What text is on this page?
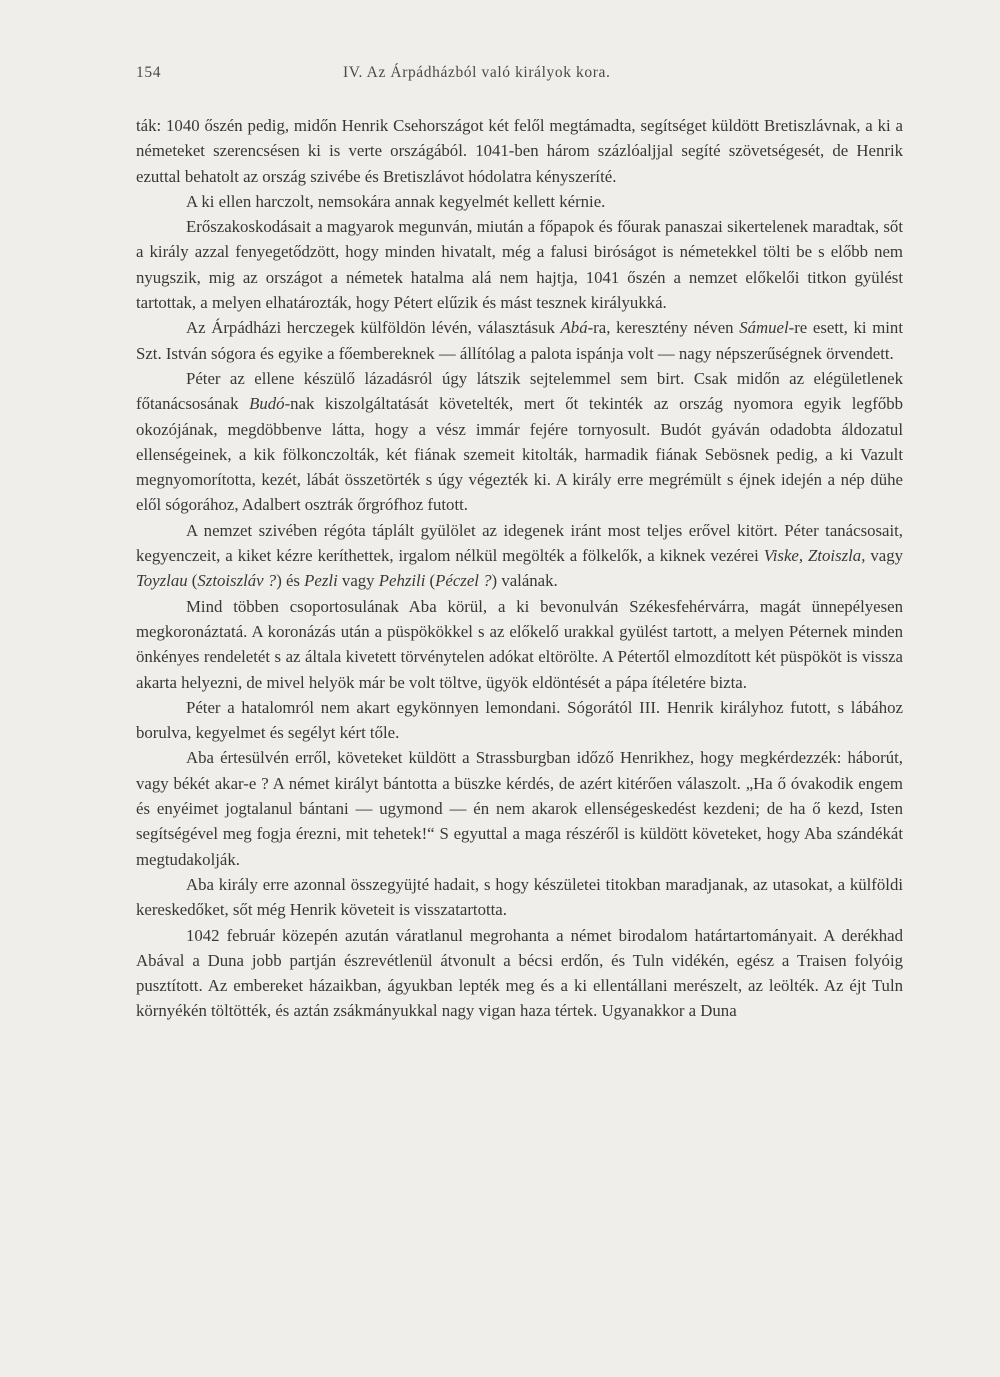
154	IV. Az Árpádházból való királyok kora.

ták: 1040 őszén pedig, midőn Henrik Csehországot két felől megtámadta, segítséget küldött Bretiszlávnak, a ki a németeket szerencsésen ki is verte országából. 1041-ben három százlóaljjal segíté szövetségesét, de Henrik ezuttal behatolt az ország szivébe és Bretiszlávot hódolatra kényszeríté.

A ki ellen harczolt, nemsokára annak kegyelmét kellett kérnie.

Erőszakoskodásait a magyarok megunván, miután a főpapok és főurak panaszai sikertelenek maradtak, sőt a király azzal fenyegetődzött, hogy minden hivatalt, még a falusi biróságot is németekkel tölti be s előbb nem nyugszik, mig az országot a németek hatalma alá nem hajtja, 1041 őszén a nemzet előkelői titkon gyülést tartottak, a melyen elhatározták, hogy Pétert elűzik és mást tesznek királyukká.

Az Árpádházi herczegek külföldön lévén, választásuk Abá-ra, keresztény néven Sámuel-re esett, ki mint Szt. István sógora és egyike a főembereknek — állítólag a palota ispánja volt — nagy népszerűségnek örvendett.

Péter az ellene készülő lázadásról úgy látszik sejtelemmel sem birt. Csak midőn az elégületlenek főtanácsosának Budó-nak kiszolgáltatását követelték, mert őt tekinték az ország nyomora egyik legfőbb okozójának, megdöbbenve látta, hogy a vész immár fejére tornyosult. Budót gyáván odadobta áldozatul ellenségeinek, a kik fölkonczolták, két fiának szemeit kitolták, harmadik fiának Sebösnek pedig, a ki Vazult megnyomorította, kezét, lábát összetörték s úgy végezték ki. A király erre megrémült s éjnek idején a nép dühe elől sógorához, Adalbert osztrák őrgrófhoz futott.

A nemzet szivében régóta táplált gyülölet az idegenek iránt most teljes erővel kitört. Péter tanácsosait, kegyenczeit, a kiket kézre keríthettek, irgalom nélkül megölték a fölkelők, a kiknek vezérei Viske, Ztoiszla, vagy Toyzlau (Sztoiszláv ?) és Pezli vagy Pehzili (Péczel ?) valának.

Mind többen csoportosulának Aba körül, a ki bevonulván Székesfehérvárra, magát ünnepélyesen megkoronáztatá. A koronázás után a püspökökkel s az előkelő urakkal gyülést tartott, a melyen Péternek minden önkényes rendeletét s az általa kivetett törvénytelen adókat eltörölte. A Pétertől elmozdított két püspököt is vissza akarta helyezni, de mivel helyök már be volt töltve, ügyök eldöntését a pápa ítéletére bizta.

Péter a hatalomról nem akart egykönnyen lemondani. Sógorától III. Henrik királyhoz futott, s lábához borulva, kegyelmet és segélyt kért tőle.

Aba értesülvén erről, követeket küldött a Strassburgban időző Henrikhez, hogy megkérdezzék: háborút, vagy békét akar-e ? A német királyt bántotta a büszke kérdés, de azért kitérően válaszolt. „Ha ő óvakodik engem és enyéimet jogtalanul bántani — ugymond — én nem akarok ellenségeskedést kezdeni; de ha ő kezd, Isten segítségével meg fogja érezni, mit tehetek!“ S egyuttal a maga részéről is küldött követeket, hogy Aba szándékát megtudakolják.

Aba király erre azonnal összegyüjté hadait, s hogy készületei titokban maradjanak, az utasokat, a külföldi kereskedőket, sőt még Henrik követeit is visszatartotta.

1042 február közepén azután váratlanul megrohanta a német birodalom határtartományait. A derékhad Abával a Duna jobb partján észrevétlenül átvonult a bécsi erdőn, és Tuln vidékén, egész a Traisen folyóig pusztított. Az embereket házaikban, ágyukban lepték meg és a ki ellentállani merészelt, az leölték. Az éjt Tuln környékén töltötték, és aztán zsákmányukkal nagy vigan haza tértek. Ugyanakkor a Duna
